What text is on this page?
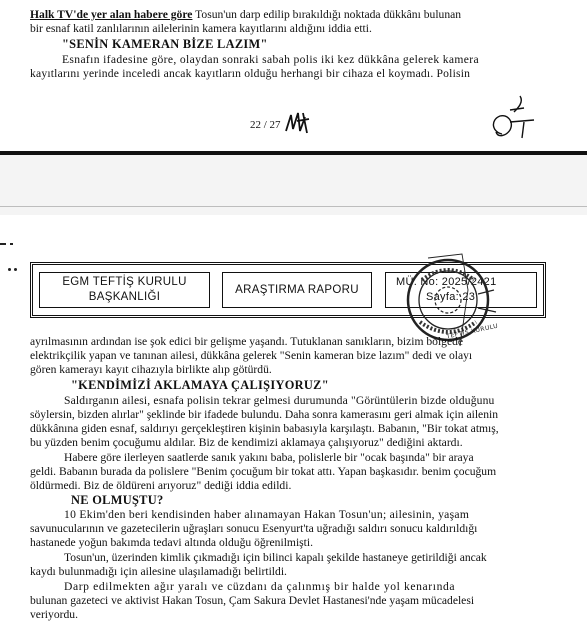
Halk TV'de yer alan habere göre Tosun'un darp edilip bırakıldığı noktada dükkânı bulunan
bir esnaf katil zanlılarının ailelerinin kamera kayıtlarını aldığını iddia etti.
"SENİN KAMERAN BİZE LAZIM"
Esnafın ifadesine göre, olaydan sonraki sabah polis iki kez dükkâna gelerek kamera
kayıtlarını yerinde inceledi ancak kayıtların olduğu herhangi bir cihaza el koymadı. Polisin
22 / 27
EGM TEFTİŞ KURULU
BAŞKANLIĞI
ARAŞTIRMA RAPORU
MÜ. No: 2025/2421
Sayfa: 23
TEFTİŞ KURULU
ayrılmasının ardından ise şok edici bir gelişme yaşandı. Tutuklanan sanıkların, bizim bölgede
elektrikçilik yapan ve tanınan ailesi, dükkâna gelerek "Senin kameran bize lazım" dedi ve olayı
gören kamerayı kayıt cihazıyla birlikte alıp götürdü.
"KENDİMİZİ AKLAMAYA ÇALIŞIYORUZ"
Saldırganın ailesi, esnafa polisin tekrar gelmesi durumunda "Görüntülerin bizde olduğunu
söylersin, bizden alırlar" şeklinde bir ifadede bulundu. Daha sonra kamerasını geri almak için ailenin
dükkânına giden esnaf, saldırıyı gerçekleştiren kişinin babasıyla karşılaştı. Babanın, "Bir tokat atmış,
bu yüzden benim çocuğumu aldılar. Biz de kendimizi aklamaya çalışıyoruz" dediğini aktardı.
Habere göre ilerleyen saatlerde sanık yakını baba, polislerle bir "ocak başında" bir araya
geldi. Babanın burada da polislere "Benim çocuğum bir tokat attı. Yapan başkasıdır. benim çocuğum
öldürmedi. Biz de öldüreni arıyoruz" dediği iddia edildi.
NE OLMUŞTU?
10 Ekim'den beri kendisinden haber alınamayan Hakan Tosun'un; ailesinin, yaşam
savunucularının ve gazetecilerin uğraşları sonucu Esenyurt'ta uğradığı saldırı sonucu kaldırıldığı
hastanede yoğun bakımda tedavi altında olduğu öğrenilmişti.
Tosun'un, üzerinden kimlik çıkmadığı için bilinci kapalı şekilde hastaneye getirildiği ancak
kaydı bulunmadığı için ailesine ulaşılamadığı belirtildi.
Darp edilmekten ağır yaralı ve cüzdanı da çalınmış bir halde yol kenarında
bulunan gazeteci ve aktivist Hakan Tosun, Çam Sakura Devlet Hastanesi'nde yaşam mücadelesi
veriyordu.
